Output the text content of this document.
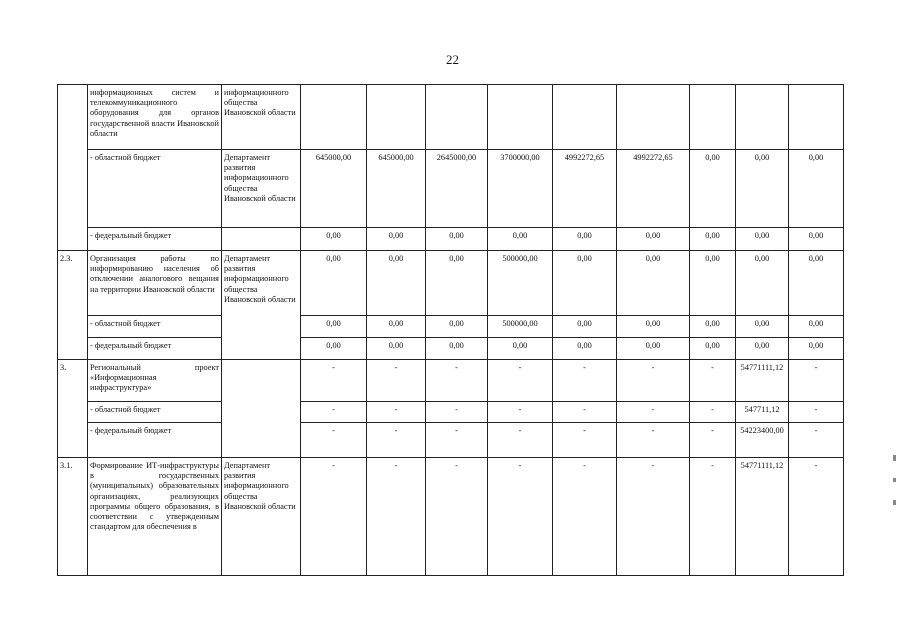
22
	информационных систем и телекоммуникационного оборудования для органов государственной власти Ивановской области	информационного общества Ивановской области									
	- областной бюджет	Департамент развития информационного общества Ивановской области	645000,00	645000,00	2645000,00	3700000,00	4992272,65	4992272,65	0,00	0,00	0,00
	- федеральный бюджет		0,00	0,00	0,00	0,00	0,00	0,00	0,00	0,00	0,00
2.3.	Организация работы по информированию населения об отключении аналогового вещания на территории Ивановской области	Департамент развития информационного общества Ивановской области	0,00	0,00	0,00	500000,00	0,00	0,00	0,00	0,00	0,00
	- областной бюджет		0,00	0,00	0,00	500000,00	0,00	0,00	0,00	0,00	0,00
	- федеральный бюджет		0,00	0,00	0,00	0,00	0,00	0,00	0,00	0,00	0,00
3.	Региональный проект «Информационная инфраструктура»		-	-	-	-	-	-	-	54771111,12	-
	- областной бюджет		-	-	-	-	-	-	-	547711,12	-
	- федеральный бюджет		-	-	-	-	-	-	-	54223400,00	-
3.1.	Формирование ИТ-инфраструктуры в государственных (муниципальных) образовательных организациях, реализующих программы общего образования, в соответствии с утвержденным стандартом для обеспечения в	Департамент развития информационного общества Ивановской области	-	-	-	-	-	-	-	54771111,12	-
